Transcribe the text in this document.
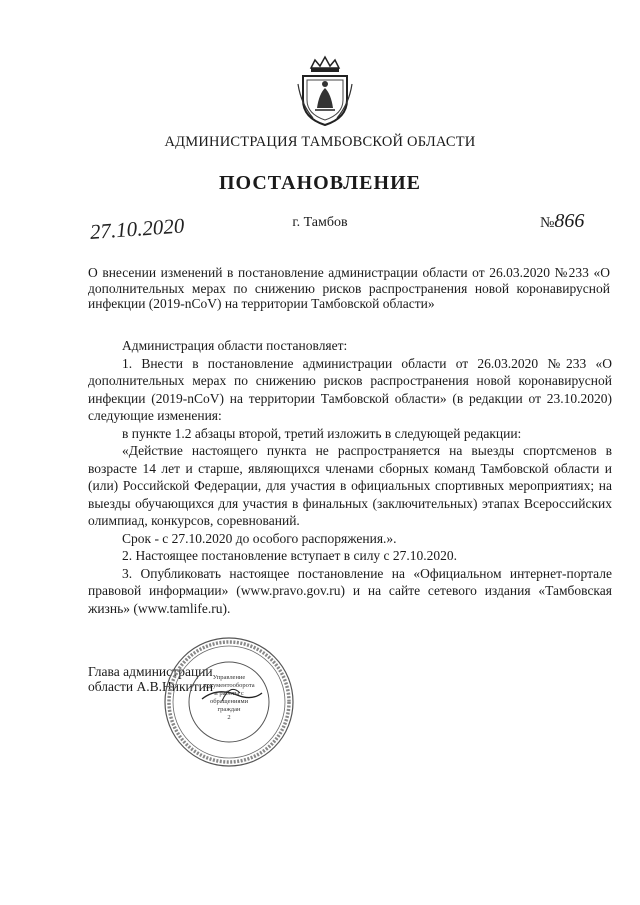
АДМИНИСТРАЦИЯ ТАМБОВСКОЙ ОБЛАСТИ
ПОСТАНОВЛЕНИЕ
27.10.2020	г. Тамбов	№866
О внесении изменений в постановление администрации области от 26.03.2020 №233 «О дополнительных мерах по снижению рисков распространения новой коронавирусной инфекции (2019-nCoV) на территории Тамбовской области»

Администрация области постановляет:

1. Внести в постановление администрации области от 26.03.2020 №233 «О дополнительных мерах по снижению рисков распространения новой коронавирусной инфекции (2019-nCoV) на территории Тамбовской области» (в редакции от 23.10.2020) следующие изменения:

в пункте 1.2 абзацы второй, третий изложить в следующей редакции:

«Действие настоящего пункта не распространяется на выезды спортсменов в возрасте 14 лет и старше, являющихся членами сборных команд Тамбовской области и (или) Российской Федерации, для участия в официальных спортивных мероприятиях; на выезды обучающихся для участия в финальных (заключительных) этапах Всероссийских олимпиад, конкурсов, соревнований.

Срок - с 27.10.2020 до особого распоряжения.».

2. Настоящее постановление вступает в силу с 27.10.2020.

3. Опубликовать настоящее постановление на «Официальном интернет-портале правовой информации» (www.pravo.gov.ru) и на сайте сетевого издания «Тамбовская жизнь» (www.tamlife.ru).

Глава администрации
области А.В.Никитин
Управление документооборота и работы с обращениями граждан
2
